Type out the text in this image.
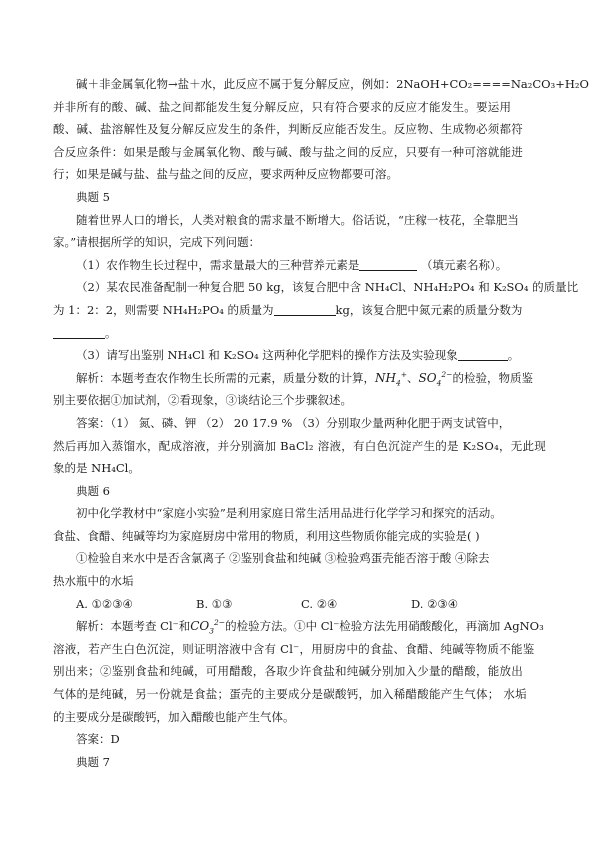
碱＋非金属氧化物→盐＋水，此反应不属于复分解反应，例如：2NaOH+CO₂====Na₂CO₃+H₂O

并非所有的酸、碱、盐之间都能发生复分解反应，只有符合要求的反应才能发生。要运用

酸、碱、盐溶解性及复分解反应发生的条件，判断反应能否发生。反应物、生成物必须都符

合反应条件：如果是酸与金属氧化物、酸与碱、酸与盐之间的反应，只要有一种可溶就能进

行；如果是碱与盐、盐与盐之间的反应，要求两种反应物都要可溶。

典题 5

随着世界人口的增长，人类对粮食的需求量不断增大。俗话说，“庄稼一枝花，全靠肥当

家。”请根据所学的知识，完成下列问题：

（1）农作物生长过程中，需求量最大的三种营养元素是	（填元素名称）。

（2）某农民准备配制一种复合肥 50 kg，该复合肥中含 NH₄Cl、NH₄H₂PO₄ 和 K₂SO₄ 的质量比

为 1：2：2，则需要 NH₄H₂PO₄ 的质量为	kg，该复合肥中氮元素的质量分数为

。

（3）请写出鉴别 NH₄Cl 和 K₂SO₄ 这两种化学肥料的操作方法及实验现象	。

解析：本题考查农作物生长所需的元素，质量分数的计算，$NH_4^+$、$SO_4^{2-}$的检验，物质鉴

别主要依据①加试剂，②看现象，③谈结论三个步骤叙述。

答案：（1） 氮、磷、钾 （2） 20 17.9 % （3）分别取少量两种化肥于两支试管中，

然后再加入蒸馏水，配成溶液，并分别滴加 BaCl₂ 溶液，有白色沉淀产生的是 K₂SO₄，无此现

象的是 NH₄Cl。

典题 6

初中化学教材中“家庭小实验”是利用家庭日常生活用品进行化学学习和探究的活动。

食盐、食醋、纯碱等均为家庭厨房中常用的物质，利用这些物质你能完成的实验是( )

①检验自来水中是否含氯离子 ②鉴别食盐和纯碱 ③检验鸡蛋壳能否溶于酸 ④除去

热水瓶中的水垢

A. ①②③④	B. ①③	C. ②④	D. ②③④

解析：本题考查 Cl⁻和$CO_3^{2-}$的检验方法。①中 Cl⁻检验方法先用硝酸酸化，再滴加 AgNO₃

溶液，若产生白色沉淀，则证明溶液中含有 Cl⁻，用厨房中的食盐、食醋、纯碱等物质不能鉴

别出来；②鉴别食盐和纯碱，可用醋酸，各取少许食盐和纯碱分别加入少量的醋酸，能放出

气体的是纯碱，另一份就是食盐；蛋壳的主要成分是碳酸钙，加入稀醋酸能产生气体； 水垢

的主要成分是碳酸钙，加入醋酸也能产生气体。

答案：D

典题 7
